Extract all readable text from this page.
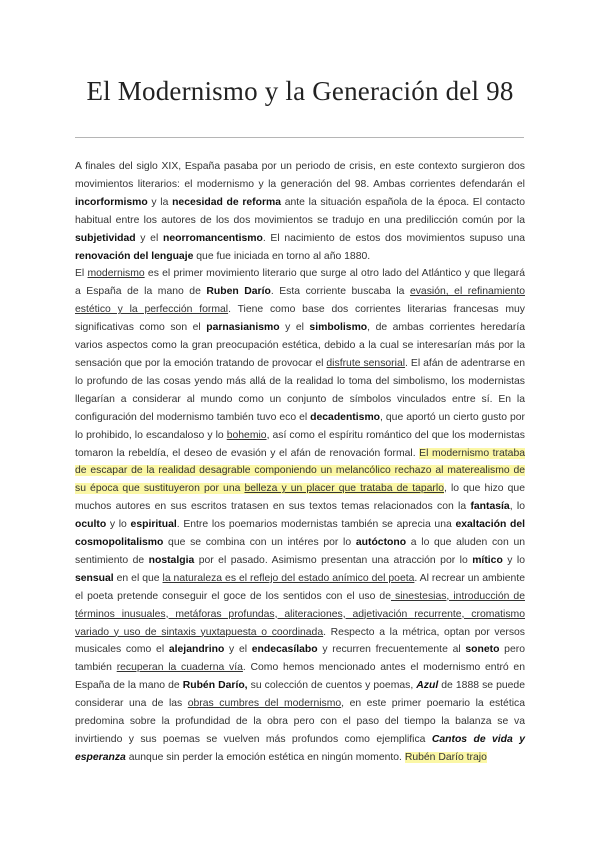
El Modernismo y la Generación del 98

A finales del siglo XIX, España pasaba por un periodo de crisis, en este contexto surgieron dos movimientos literarios: el modernismo y la generación del 98. Ambas corrientes defendarán el incorformismo y la necesidad de reforma ante la situación española de la época. El contacto habitual entre los autores de los dos movimientos se tradujo en una predilicción común por la subjetividad y el neorromancentismo. El nacimiento de estos dos movimientos supuso una renovación del lenguaje que fue iniciada en torno al año 1880.

El modernismo es el primer movimiento literario que surge al otro lado del Atlántico y que llegará a España de la mano de Ruben Darío. Esta corriente buscaba la evasión, el refinamiento estético y la perfección formal. Tiene como base dos corrientes literarias francesas muy significativas como son el parnasianismo y el simbolismo, de ambas corrientes heredaría varios aspectos como la gran preocupación estética, debido a la cual se interesarían más por la sensación que por la emoción tratando de provocar el disfrute sensorial. El afán de adentrarse en lo profundo de las cosas yendo más allá de la realidad lo toma del simbolismo, los modernistas llegarían a considerar al mundo como un conjunto de símbolos vinculados entre sí. En la configuración del modernismo también tuvo eco el decadentismo, que aportó un cierto gusto por lo prohibido, lo escandaloso y lo bohemio, así como el espíritu romántico del que los modernistas tomaron la rebeldía, el deseo de evasión y el afán de renovación formal. El modernismo trataba de escapar de la realidad desagrable componiendo un melancólico rechazo al materealismo de su época que sustituyeron por una belleza y un placer que trataba de taparlo, lo que hizo que muchos autores en sus escritos tratasen en sus textos temas relacionados con la fantasía, lo oculto y lo espiritual. Entre los poemarios modernistas también se aprecia una exaltación del cosmopolitalismo que se combina con un intéres por lo autóctono a lo que aluden con un sentimiento de nostalgia por el pasado. Asimismo presentan una atracción por lo mítico y lo sensual en el que la naturaleza es el reflejo del estado anímico del poeta. Al recrear un ambiente el poeta pretende conseguir el goce de los sentidos con el uso de sinestesias, introducción de términos inusuales, metáforas profundas, aliteraciones, adjetivación recurrente, cromatismo variado y uso de sintaxis yuxtapuesta o coordinada. Respecto a la métrica, optan por versos musicales como el alejandrino y el endecasílabo y recurren frecuentemente al soneto pero también recuperan la cuaderna vía. Como hemos mencionado antes el modernismo entró en España de la mano de Rubén Darío, su colección de cuentos y poemas, Azul de 1888 se puede considerar una de las obras cumbres del modernismo, en este primer poemario la estética predomina sobre la profundidad de la obra pero con el paso del tiempo la balanza se va invirtiendo y sus poemas se vuelven más profundos como ejemplifica Cantos de vida y esperanza aunque sin perder la emoción estética en ningún momento. Rubén Darío trajo
